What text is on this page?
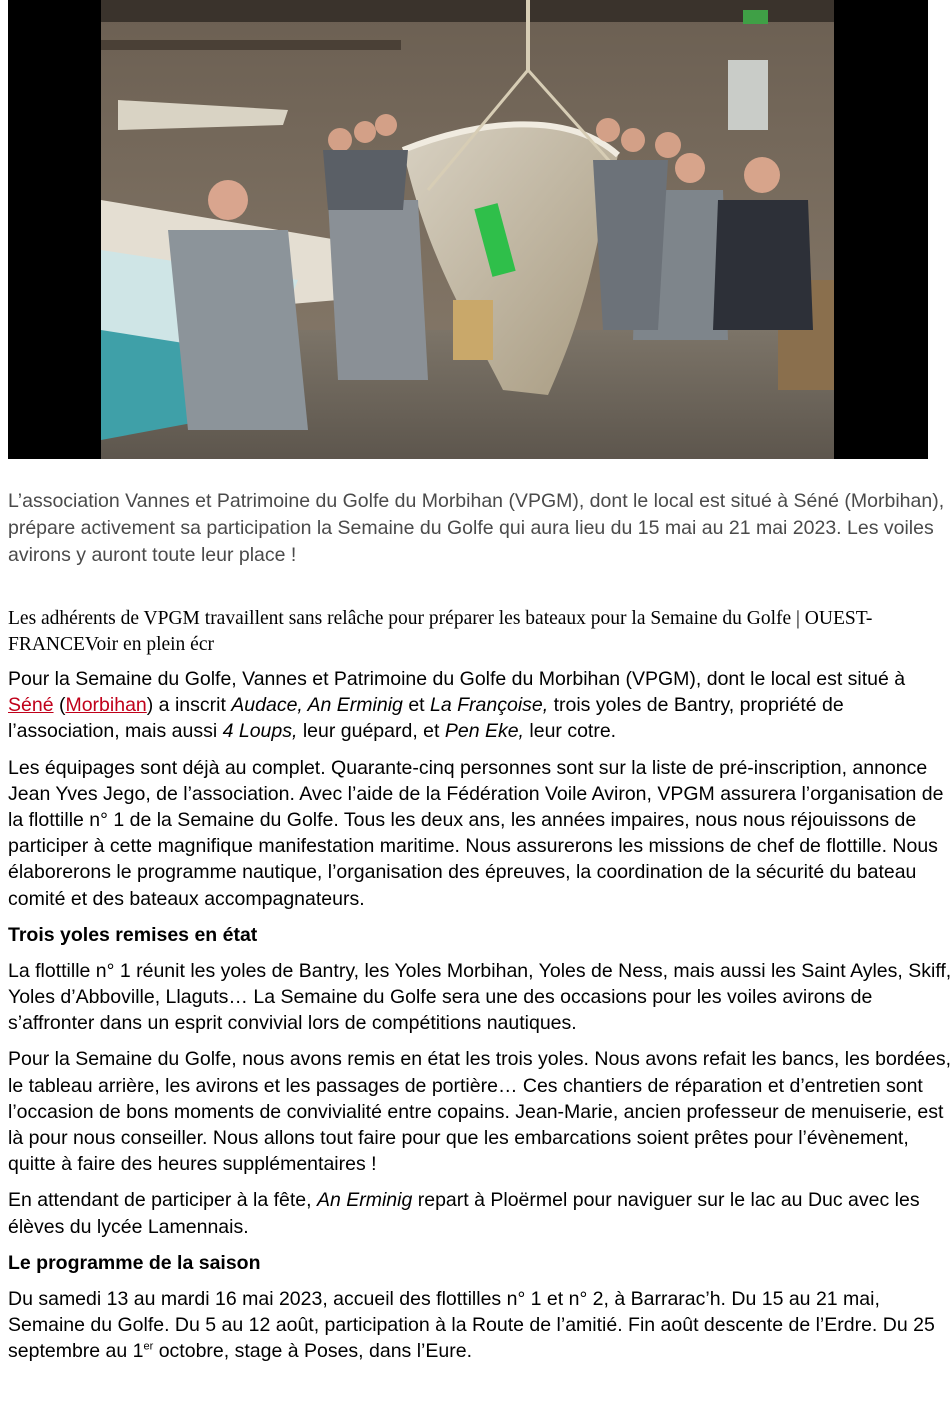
L’association Vannes et Patrimoine du Golfe du Morbihan (VPGM), dont le local est situé à Séné (Morbihan), prépare activement sa participation la Semaine du Golfe qui aura lieu du 15 mai au 21 mai 2023. Les voiles avirons y auront toute leur place !
Les adhérents de VPGM travaillent sans relâche pour préparer les bateaux pour la Semaine du Golfe | OUEST-FRANCEVoir en plein écr

Pour la Semaine du Golfe, Vannes et Patrimoine du Golfe du Morbihan (VPGM), dont le local est situé à Séné (Morbihan) a inscrit Audace, An Erminig et La Françoise, trois yoles de Bantry, propriété de l’association, mais aussi 4 Loups, leur guépard, et Pen Eke, leur cotre.

Les équipages sont déjà au complet. Quarante-cinq personnes sont sur la liste de pré-inscription, annonce Jean Yves Jego, de l’association. Avec l’aide de la Fédération Voile Aviron, VPGM assurera l’organisation de la flottille n° 1 de la Semaine du Golfe. Tous les deux ans, les années impaires, nous nous réjouissons de participer à cette magnifique manifestation maritime. Nous assurerons les missions de chef de flottille. Nous élaborerons le programme nautique, l’organisation des épreuves, la coordination de la sécurité du bateau comité et des bateaux accompagnateurs.

Trois yoles remises en état

La flottille n° 1 réunit les yoles de Bantry, les Yoles Morbihan, Yoles de Ness, mais aussi les Saint Ayles, Skiff, Yoles d’Abboville, Llaguts… La Semaine du Golfe sera une des occasions pour les voiles avirons de s’affronter dans un esprit convivial lors de compétitions nautiques.

Pour la Semaine du Golfe, nous avons remis en état les trois yoles. Nous avons refait les bancs, les bordées, le tableau arrière, les avirons et les passages de portière… Ces chantiers de réparation et d’entretien sont l’occasion de bons moments de convivialité entre copains. Jean-Marie, ancien professeur de menuiserie, est là pour nous conseiller. Nous allons tout faire pour que les embarcations soient prêtes pour l’évènement, quitte à faire des heures supplémentaires !

En attendant de participer à la fête, An Erminig repart à Ploërmel pour naviguer sur le lac au Duc avec les élèves du lycée Lamennais.

Le programme de la saison

Du samedi 13 au mardi 16 mai 2023, accueil des flottilles n° 1 et n° 2, à Barrarac’h. Du 15 au 21 mai, Semaine du Golfe. Du 5 au 12 août, participation à la Route de l’amitié. Fin août descente de l’Erdre. Du 25 septembre au 1er octobre, stage à Poses, dans l’Eure.
